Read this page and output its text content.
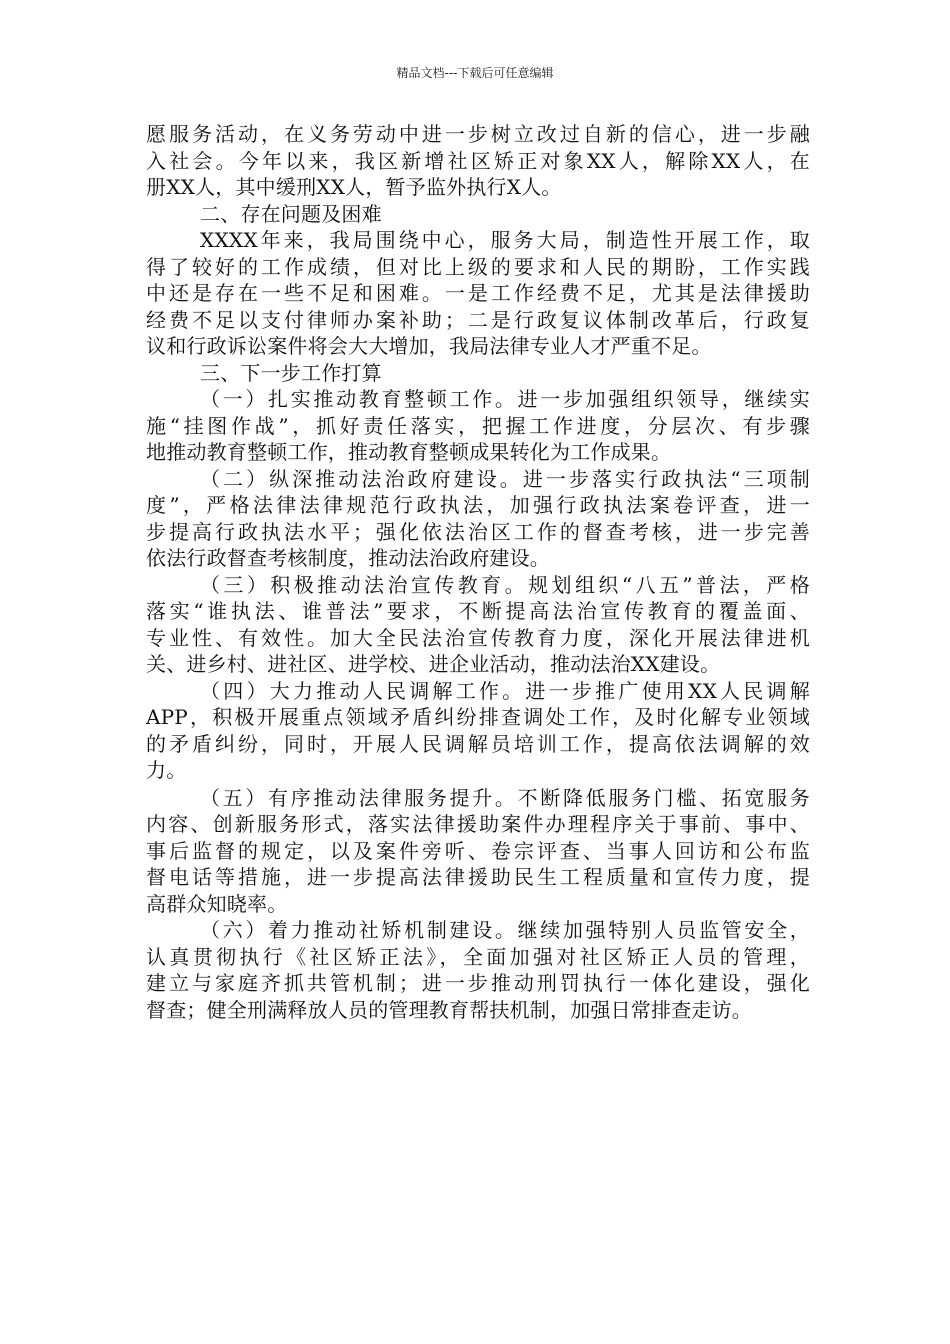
精品文档---下载后可任意编辑
愿服务活动，在义务劳动中进一步树立改过自新的信心，进一步融
入社会。今年以来，我区新增社区矫正对象XX人，解除XX人，在
册XX人，其中缓刑XX人，暂予监外执行X人。
二、存在问题及困难
XXXX年来，我局围绕中心，服务大局，制造性开展工作，取
得了较好的工作成绩，但对比上级的要求和人民的期盼，工作实践
中还是存在一些不足和困难。一是工作经费不足，尤其是法律援助
经费不足以支付律师办案补助；二是行政复议体制改革后，行政复
议和行政诉讼案件将会大大增加，我局法律专业人才严重不足。
三、下一步工作打算
（一）扎实推动教育整顿工作。进一步加强组织领导，继续实
施“挂图作战”，抓好责任落实，把握工作进度，分层次、有步骤
地推动教育整顿工作，推动教育整顿成果转化为工作成果。
（二）纵深推动法治政府建设。进一步落实行政执法“三项制
度”，严格法律法律规范行政执法，加强行政执法案卷评查，进一
步提高行政执法水平；强化依法治区工作的督查考核，进一步完善
依法行政督查考核制度，推动法治政府建设。
（三）积极推动法治宣传教育。规划组织“八五”普法，严格
落实“谁执法、谁普法”要求，不断提高法治宣传教育的覆盖面、
专业性、有效性。加大全民法治宣传教育力度，深化开展法律进机
关、进乡村、进社区、进学校、进企业活动，推动法治XX建设。
（四）大力推动人民调解工作。进一步推广使用XX人民调解
APP，积极开展重点领域矛盾纠纷排查调处工作，及时化解专业领域
的矛盾纠纷，同时，开展人民调解员培训工作，提高依法调解的效
力。
（五）有序推动法律服务提升。不断降低服务门槛、拓宽服务
内容、创新服务形式，落实法律援助案件办理程序关于事前、事中、
事后监督的规定，以及案件旁听、卷宗评查、当事人回访和公布监
督电话等措施，进一步提高法律援助民生工程质量和宣传力度，提
高群众知晓率。
（六）着力推动社矫机制建设。继续加强特别人员监管安全，
认真贯彻执行《社区矫正法》，全面加强对社区矫正人员的管理，
建立与家庭齐抓共管机制；进一步推动刑罚执行一体化建设，强化
督查；健全刑满释放人员的管理教育帮扶机制，加强日常排查走访。
